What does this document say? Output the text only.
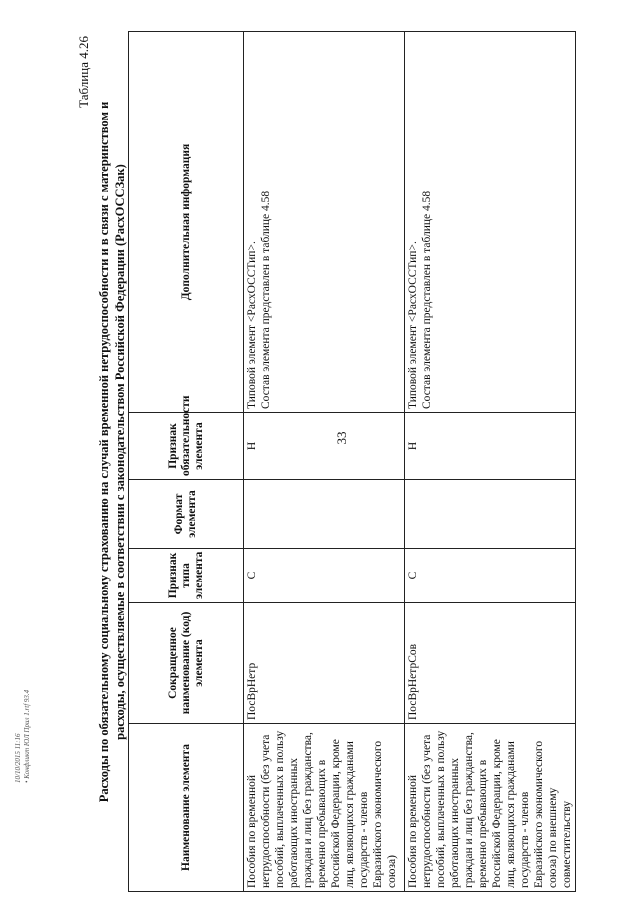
33
Таблица 4.26
Расходы по обязательному социальному страхованию на случай временной нетрудоспособности и в связи с материнством и расходы, осуществляемые в соответствии с законодательством Российской Федерации (РасхОССЗак)
Наименование элемента	Сокращенное наименование (код) элемента	Признак типа элемента	Формат элемента	Признак обязательности элемента	Дополнительная информация
Пособия по временной нетрудоспособности (без учета пособий, выплаченных в пользу работающих иностранных граждан и лиц без гражданства, временно пребывающих в Российской Федерации, кроме лиц, являющихся гражданами государств - членов Евразийского экономического союза)	ПосВрНетр	С		Н	Типовой элемент <РасхОСCТип>. Состав элемента представлен в таблице 4.58

Пособия по временной нетрудоспособности (без учета пособий, выплаченных в пользу работающих иностранных граждан и лиц без гражданства, временно пребывающих в Российской Федерации, кроме лиц, являющихся гражданами государств - членов Евразийского экономического союза) по внешнему совместительству	ПосВрНетрСов	С		Н	Типовой элемент <РасхОСCТип>. Состав элемента представлен в таблице 4.58
10/10/2015 11:16 • Конфликт ЮЛ Прил 1.rtf 93.4
